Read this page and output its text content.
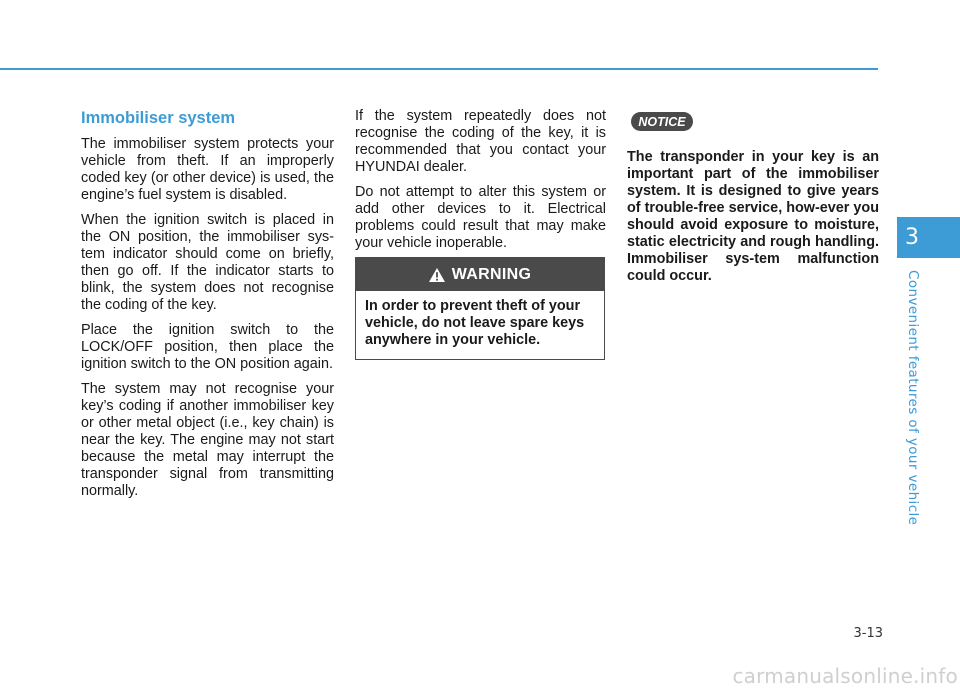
Immobiliser system

The immobiliser system protects your vehicle from theft. If an improperly coded key (or other device) is used, the engine’s fuel system is disabled.

When the ignition switch is placed in the ON position, the immobiliser sys-tem indicator should come on briefly, then go off. If the indicator starts to blink, the system does not recognise the coding of the key.

Place the ignition switch to the LOCK/OFF position, then place the ignition switch to the ON position again.

The system may not recognise your key’s coding if another immobiliser key or other metal object (i.e., key chain) is near the key. The engine may not start because the metal may interrupt the transponder signal from transmitting normally.

If the system repeatedly does not recognise the coding of the key, it is recommended that you contact your HYUNDAI dealer.

Do not attempt to alter this system or add other devices to it. Electrical problems could result that may make your vehicle inoperable.

WARNING
In order to prevent theft of your vehicle, do not leave spare keys anywhere in your vehicle.
NOTICE

The transponder in your key is an important part of the immobiliser system. It is designed to give years of trouble-free service, how-ever you should avoid exposure to moisture, static electricity and rough handling. Immobiliser sys-tem malfunction could occur.

3
Convenient features of your vehicle
3-13
carmanualsonline.info
